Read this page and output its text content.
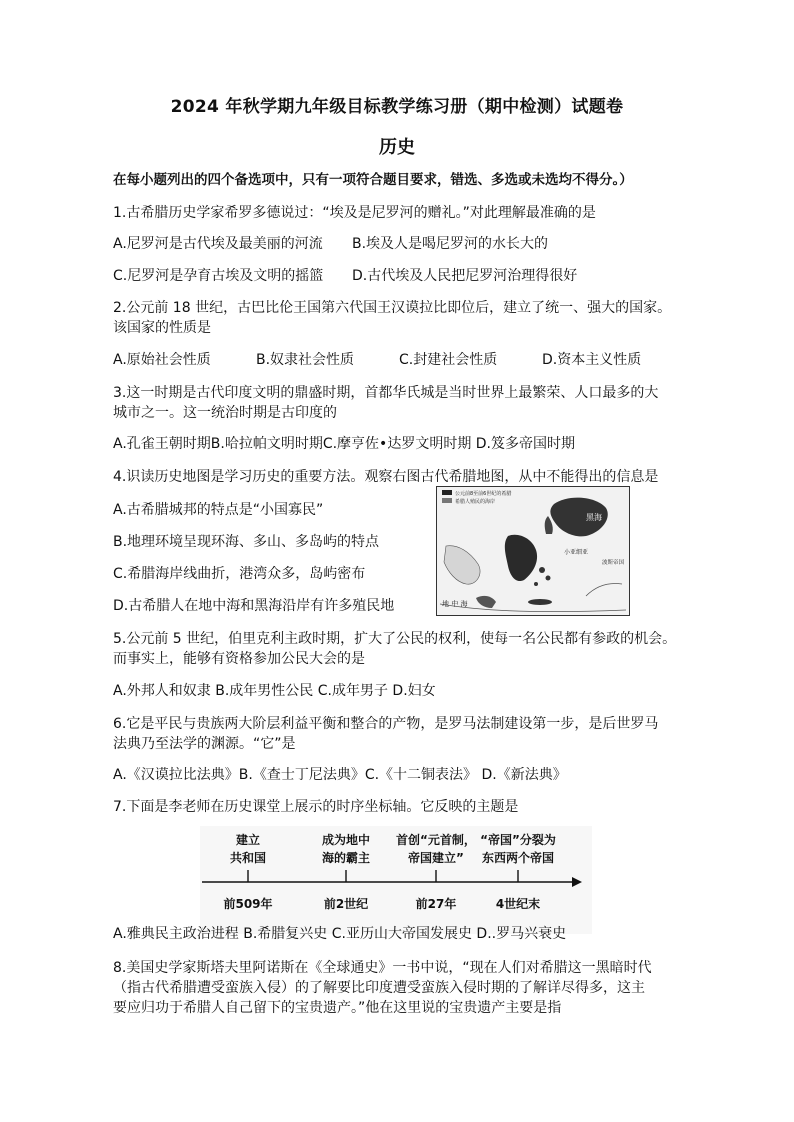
2024 年秋学期九年级目标教学练习册（期中检测）试题卷
历史
在每小题列出的四个备选项中，只有一项符合题目要求，错选、多选或未选均不得分。）
1.古希腊历史学家希罗多德说过：“埃及是尼罗河的赠礼。”对此理解最准确的是
A.尼罗河是古代埃及最美丽的河流 B.埃及人是喝尼罗河的水长大的
C.尼罗河是孕育古埃及文明的摇篮 D.古代埃及人民把尼罗河治理得很好
2.公元前 18 世纪，古巴比伦王国第六代国王汉谟拉比即位后，建立了统一、强大的国家。
该国家的性质是
A.原始社会性质	B.奴隶社会性质	C.封建社会性质	D.资本主义性质
3.这一时期是古代印度文明的鼎盛时期，首都华氏城是当时世界上最繁荣、人口最多的大
城市之一。这一统治时期是古印度的
A.孔雀王朝时期B.哈拉帕文明时期C.摩亨佐•达罗文明时期 D.笈多帝国时期
4.识读历史地图是学习历史的重要方法。观察右图古代希腊地图，从中不能得出的信息是
A.古希腊城邦的特点是“小国寡民”
B.地理环境呈现环海、多山、多岛屿的特点
C.希腊海岸线曲折，港湾众多，岛屿密布
D.古希腊人在地中海和黑海沿岸有许多殖民地
公元前8至前6世纪的希腊
希腊人殖民的海岸
黑海
小亚细亚
波斯帝国
地 中 海
5.公元前 5 世纪，伯里克利主政时期，扩大了公民的权利，使每一名公民都有参政的机会。
而事实上，能够有资格参加公民大会的是
A.外邦人和奴隶 B.成年男性公民 C.成年男子 D.妇女
6.它是平民与贵族两大阶层利益平衡和整合的产物，是罗马法制建设第一步，是后世罗马
法典乃至法学的渊源。“它”是
A.《汉谟拉比法典》B.《查士丁尼法典》C.《十二铜表法》 D.《新法典》
7.下面是李老师在历史课堂上展示的时序坐标轴。它反映的主题是
建立
共和国
前509年
成为地中
海的霸主
前2世纪
首创“元首制，
帝国建立”
前27年
“帝国”分裂为
东西两个帝国
4世纪末
A.雅典民主政治进程 B.希腊复兴史 C.亚历山大帝国发展史 D..罗马兴衰史
8.美国史学家斯塔夫里阿诺斯在《全球通史》一书中说，“现在人们对希腊这一黑暗时代
（指古代希腊遭受蛮族入侵）的了解要比印度遭受蛮族入侵时期的了解详尽得多，这主
要应归功于希腊人自己留下的宝贵遗产。”他在这里说的宝贵遗产主要是指
